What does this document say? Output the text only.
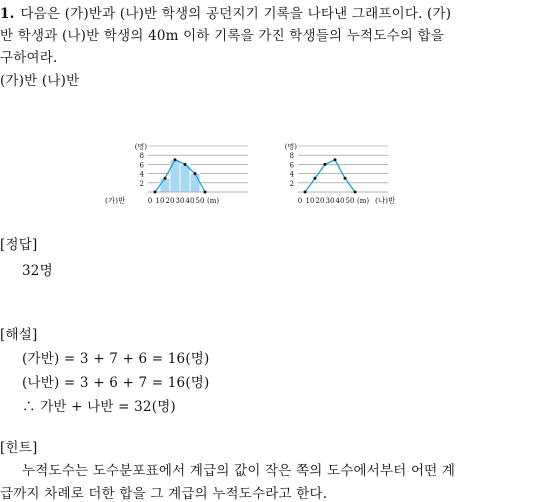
1. 다음은 (가)반과 (나)반 학생의 공던지기 기록을 나타낸 그래프이다. (가)
반 학생과 (나)반 학생의 40m 이하 기록을 가진 학생들의 누적도수의 합을
구하여라.
(가)반 (나)반
2
4
6
8
(명)
0 10 20 30 40 50 (m)
(가)반
2
4
6
8
(명)
0 10 20 30 40 50 (m) (나)반
[정답]
32명
[해설]
(가반) = 3 + 7 + 6 = 16(명)
(나반) = 3 + 6 + 7 = 16(명)
∴ 가반 + 나반 = 32(명)
[힌트]
누적도수는 도수분포표에서 계급의 값이 작은 쪽의 도수에서부터 어떤 계
급까지 차례로 더한 합을 그 계급의 누적도수라고 한다.
